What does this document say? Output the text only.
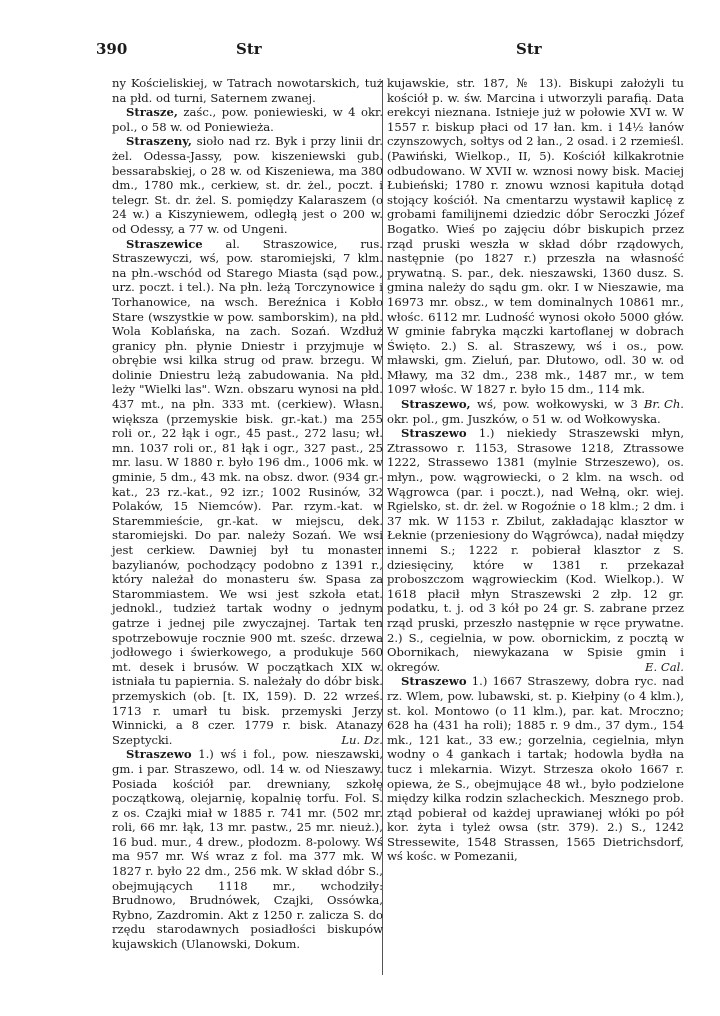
390	Str	Str

ny Kościeliskiej, w Tatrach nowotarskich, tuż na płd. od turni, Saternem zwanej.

Strasze, zaśc., pow. poniewieski, w 4 okr. pol., o 58 w. od Poniewieża.

Straszeny, sioło nad rz. Byk i przy linii dr. żel. Odessa-Jassy, pow. kiszeniewski gub. bessarabskiej, o 28 w. od Kiszeniewa, ma 380 dm., 1780 mk., cerkiew, st. dr. żel., poczt. i telegr. St. dr. żel. S. pomiędzy Kalaraszem (o 24 w.) a Kiszyniewem, odległą jest o 200 w. od Odessy, a 77 w. od Ungeni.

Straszewice al. Straszowice, rus. Straszewyczi, wś, pow. staromiejski, 7 klm. na płn.-wschód od Starego Miasta (sąd pow., urz. poczt. i tel.). Na płn. leżą Torczynowice i Torhanowice, na wsch. Bereźnica i Kobło Stare (wszystkie w pow. samborskim), na płd. Wola Koblańska, na zach. Sozań. Wzdłuż granicy płn. płynie Dniestr i przyjmuje w obrębie wsi kilka strug od praw. brzegu. W dolinie Dniestru leżą zabudowania. Na płd. leży "Wielki las". Wzn. obszaru wynosi na płd. 437 mt., na płn. 333 mt. (cerkiew). Własn. większa (przemyskie bisk. gr.-kat.) ma 255 roli or., 22 łąk i ogr., 45 past., 272 lasu; wł. mn. 1037 roli or., 81 łąk i ogr., 327 past., 25 mr. lasu. W 1880 r. było 196 dm., 1006 mk. w gminie, 5 dm., 43 mk. na obsz. dwor. (934 gr.-kat., 23 rz.-kat., 92 izr.; 1002 Rusinów, 32 Polaków, 15 Niemców). Par. rzym.-kat. w Staremmieście, gr.-kat. w miejscu, dek. staromiejski. Do par. należy Sozań. We wsi jest cerkiew. Dawniej był tu monaster bazylianów, pochodzący podobno z 1391 r., który należał do monasteru św. Spasa za Starommiastem. We wsi jest szkoła etat. jednokl., tudzież tartak wodny o jednym gatrze i jednej pile zwyczajnej. Tartak ten spotrzebowuje rocznie 900 mt. sześc. drzewa jodłowego i świerkowego, a produkuje 560 mt. desek i brusów. W początkach XIX w. istniała tu papiernia. S. należały do dóbr bisk. przemyskich (ob. [t. IX, 159). D. 22 wrześ. 1713 r. umarł tu bisk. przemyski Jerzy Winnicki, a 8 czer. 1779 r. bisk. Atanazy Szeptycki.	Lu. Dz.

Straszewo 1.) wś i fol., pow. nieszawski, gm. i par. Straszewo, odl. 14 w. od Nieszawy. Posiada kościół par. drewniany, szkołę początkową, olejarnię, kopalnię torfu. Fol. S. z os. Czajki miał w 1885 r. 741 mr. (502 mr. roli, 66 mr. łąk, 13 mr. pastw., 25 mr. nieuż.), 16 bud. mur., 4 drew., płodozm. 8-polowy. Wś ma 957 mr. Wś wraz z fol. ma 377 mk. W 1827 r. było 22 dm., 256 mk. W skład dóbr S., obejmujących 1118 mr., wchodziły: Brudnowo, Brudnówek, Czajki, Ossówka, Rybno, Zazdromin. Akt z 1250 r. zalicza S. do rzędu starodawnych posiadłości biskupów kujawskich (Ulanowski, Dokum.

kujawskie, str. 187, № 13). Biskupi założyli tu kościół p. w. św. Marcina i utworzyli parafią. Data erekcyi nieznana. Istnieje już w połowie XVI w. W 1557 r. biskup płaci od 17 łan. km. i 14½ łanów czynszowych, sołtys od 2 łan., 2 osad. i 2 rzemieśl. (Pawiński, Wielkop., II, 5). Kościół kilkakrotnie odbudowano. W XVII w. wznosi nowy bisk. Maciej Łubieński; 1780 r. znowu wznosi kapituła dotąd stojący kościół. Na cmentarzu wystawił kaplicę z grobami familijnemi dziedzic dóbr Seroczki Józef Bogatko. Wieś po zajęciu dóbr biskupich przez rząd pruski weszła w skład dóbr rządowych, następnie (po 1827 r.) przeszła na własność prywatną. S. par., dek. nieszawski, 1360 dusz. S. gmina należy do sądu gm. okr. I w Nieszawie, ma 16973 mr. obsz., w tem dominalnych 10861 mr., włośc. 6112 mr. Ludność wynosi około 5000 głów. W gminie fabryka mączki kartoflanej w dobrach Święto. 2.) S. al. Straszewy, wś i os., pow. mławski, gm. Zieluń, par. Dłutowo, odl. 30 w. od Mławy, ma 32 dm., 238 mk., 1487 mr., w tem 1097 włośc. W 1827 r. było 15 dm., 114 mk.
Br. Ch.

Straszewo, wś, pow. wołkowyski, w 3 okr. pol., gm. Juszków, o 51 w. od Wołkowyska.

Straszewo 1.) niekiedy Straszewski młyn, Ztrassowo r. 1153, Strasowe 1218, Ztrassowe 1222, Strassewo 1381 (mylnie Strzeszewo), os. młyn., pow. wągrowiecki, o 2 klm. na wsch. od Wągrowca (par. i poczt.), nad Wełną, okr. wiej. Rgielsko, st. dr. żel. w Rogoźnie o 18 klm.; 2 dm. i 37 mk. W 1153 r. Zbilut, zakładając klasztor w Łeknie (przeniesiony do Wągrówca), nadał między innemi S.; 1222 r. pobierał klasztor z S. dziesięciny, które w 1381 r. przekazał proboszczom wągrowieckim (Kod. Wielkop.). W 1618 płacił młyn Straszewski 2 złp. 12 gr. podatku, t. j. od 3 kół po 24 gr. S. zabrane przez rząd pruski, przeszło następnie w ręce prywatne. 2.) S., cegielnia, w pow. obornickim, z pocztą w Obornikach, niewykazana w Spisie gmin i okregów.	E. Cal.

Straszewo 1.) 1667 Straszewy, dobra ryc. nad rz. Wlem, pow. lubawski, st. p. Kiełpiny (o 4 klm.), st. kol. Montowo (o 11 klm.), par. kat. Mroczno; 628 ha (431 ha roli); 1885 r. 9 dm., 37 dym., 154 mk., 121 kat., 33 ew.; gorzelnia, cegielnia, młyn wodny o 4 gankach i tartak; hodowla bydła na tucz i mlekarnia. Wizyt. Strzesza około 1667 r. opiewa, że S., obejmujące 48 wł., było podzielone między kilka rodzin szlacheckich. Mesznego prob. ztąd pobierał od każdej uprawianej włóki po pół kor. żyta i tyleż owsa (str. 379). 2.) S., 1242 Stressewite, 1548 Strassen, 1565 Dietrichsdorf, wś kośc. w Pomezanii,
